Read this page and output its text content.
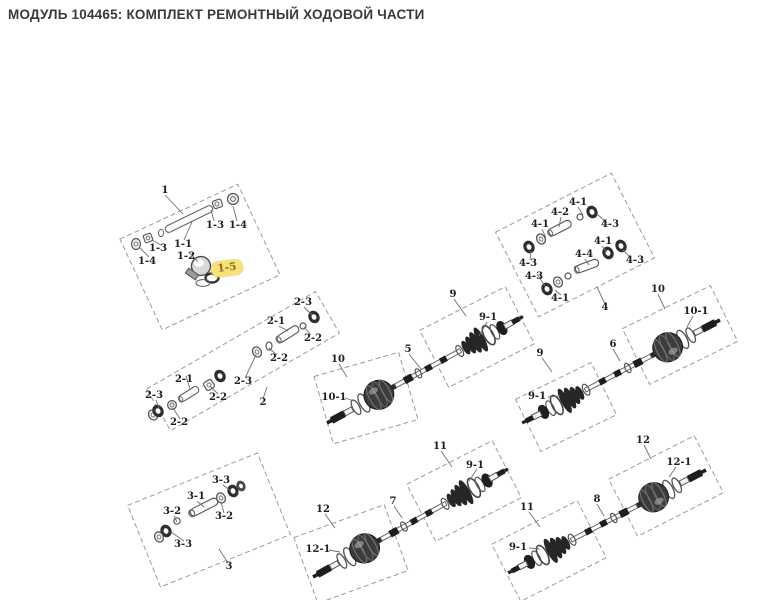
МОДУЛЬ 104465: КОМПЛЕКТ РЕМОНТНЫЙ ХОДОВОЙ ЧАСТИ
1
1-1
1-3 1-4
1-3
1-4 1-2
1-5
2-3
2-1
2-2
2-2
2-1	2-3
2-2
2-3
2-2
2
3-3
3-1
3-2	3-2
3-3
3
4-1
4-2
4-1	4-3
4-1
4-4
4-3
4-3
4-3
4-1
4
9
9-1
5
10
10-1
10
10-1
6
9
9-1
11
9-1
7
12
12-1
12
12-1
8
11
9-1
